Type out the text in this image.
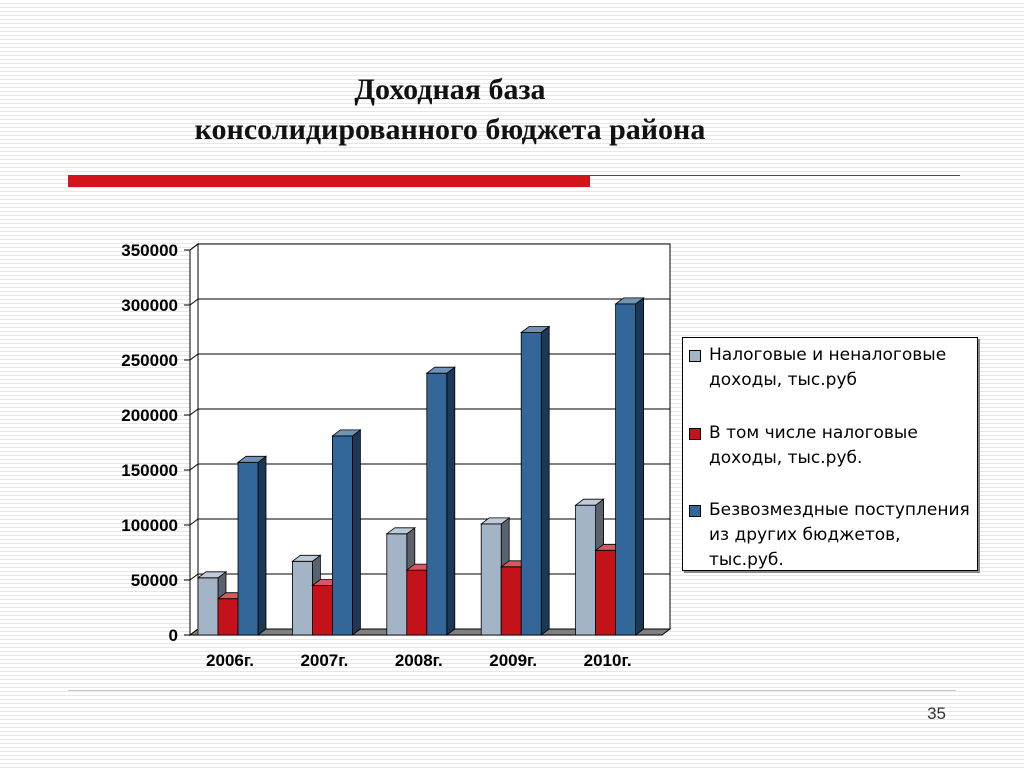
Доходная база
консолидированного бюджета района
0
50000
100000
150000
200000
250000
300000
350000
2006г.	2007г.	2008г.	2009г.	2010г.
Налоговые и неналоговые доходы, тыс.руб
В том числе налоговые доходы, тыс.руб.
Безвозмездные поступления из других бюджетов, тыс.руб.
35
